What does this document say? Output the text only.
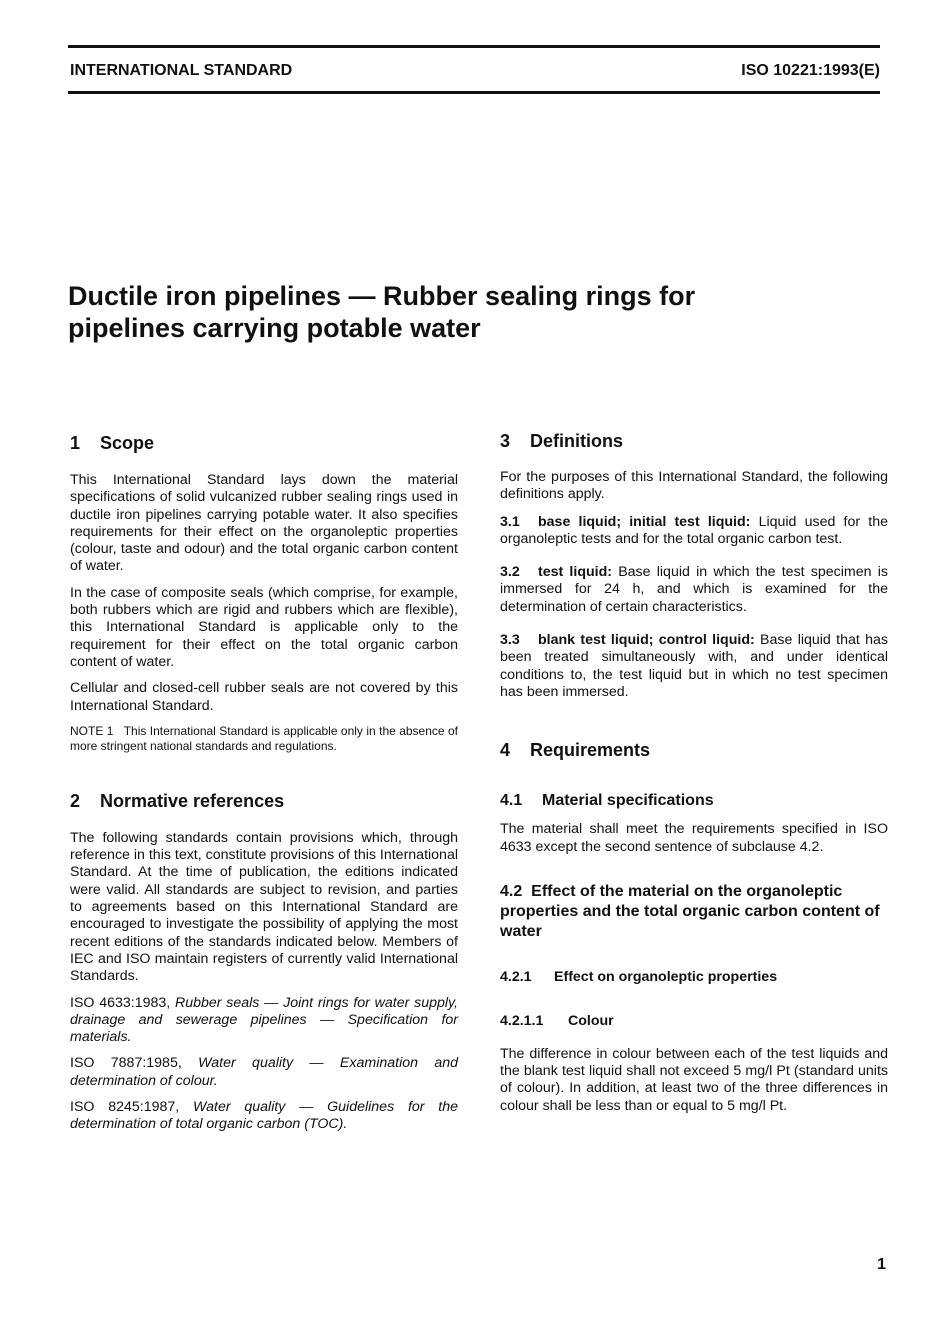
INTERNATIONAL STANDARD	ISO 10221:1993(E)
Ductile iron pipelines — Rubber sealing rings for
pipelines carrying potable water
1 Scope

This International Standard lays down the material specifications of solid vulcanized rubber sealing rings used in ductile iron pipelines carrying potable water. It also specifies requirements for their effect on the organoleptic properties (colour, taste and odour) and the total organic carbon content of water.

In the case of composite seals (which comprise, for example, both rubbers which are rigid and rubbers which are flexible), this International Standard is applicable only to the requirement for their effect on the total organic carbon content of water.

Cellular and closed-cell rubber seals are not covered by this International Standard.

NOTE 1 This International Standard is applicable only in the absence of more stringent national standards and regulations.

2 Normative references

The following standards contain provisions which, through reference in this text, constitute provisions of this International Standard. At the time of publication, the editions indicated were valid. All standards are subject to revision, and parties to agreements based on this International Standard are encouraged to investigate the possibility of applying the most recent editions of the standards indicated below. Members of IEC and ISO maintain registers of currently valid International Standards.

ISO 4633:1983, Rubber seals — Joint rings for water supply, drainage and sewerage pipelines — Specification for materials.

ISO 7887:1985, Water quality — Examination and determination of colour.

ISO 8245:1987, Water quality — Guidelines for the determination of total organic carbon (TOC).

3 Definitions

For the purposes of this International Standard, the following definitions apply.

3.1 base liquid; initial test liquid: Liquid used for the organoleptic tests and for the total organic carbon test.

3.2 test liquid: Base liquid in which the test specimen is immersed for 24 h, and which is examined for the determination of certain characteristics.

3.3 blank test liquid; control liquid: Base liquid that has been treated simultaneously with, and under identical conditions to, the test liquid but in which no test specimen has been immersed.

4 Requirements
4.1 Material specifications

The material shall meet the requirements specified in ISO 4633 except the second sentence of subclause 4.2.

4.2 Effect of the material on the organoleptic properties and the total organic carbon content of water
4.2.1 Effect on organoleptic properties
4.2.1.1 Colour

The difference in colour between each of the test liquids and the blank test liquid shall not exceed 5 mg/l Pt (standard units of colour). In addition, at least two of the three differences in colour shall be less than or equal to 5 mg/l Pt.

1
